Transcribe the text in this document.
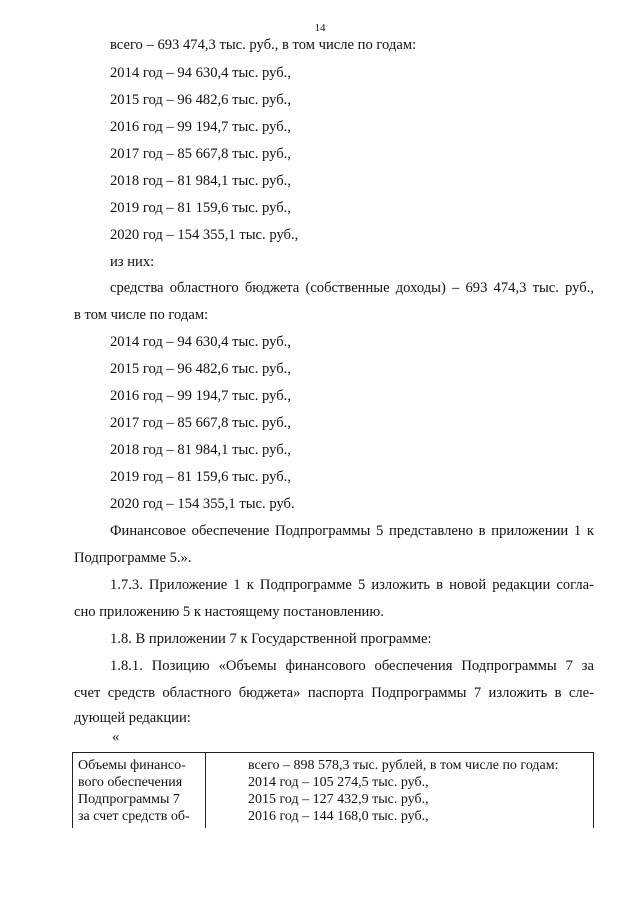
14
всего – 693 474,3 тыс. руб., в том числе по годам:
2014 год – 94 630,4 тыс. руб.,
2015 год – 96 482,6 тыс. руб.,
2016 год – 99 194,7 тыс. руб.,
2017 год – 85 667,8 тыс. руб.,
2018 год – 81 984,1 тыс. руб.,
2019 год – 81 159,6 тыс. руб.,
2020 год – 154 355,1 тыс. руб.,
из них:
средства областного бюджета (собственные доходы) – 693 474,3 тыс. руб.,
в том числе по годам:
2014 год – 94 630,4 тыс. руб.,
2015 год – 96 482,6 тыс. руб.,
2016 год – 99 194,7 тыс. руб.,
2017 год – 85 667,8 тыс. руб.,
2018 год – 81 984,1 тыс. руб.,
2019 год – 81 159,6 тыс. руб.,
2020 год – 154 355,1 тыс. руб.
Финансовое обеспечение Подпрограммы 5 представлено в приложении 1 к
Подпрограмме 5.».
1.7.3. Приложение 1 к Подпрограмме 5 изложить в новой редакции согла-
сно приложению 5 к настоящему постановлению.
1.8. В приложении 7 к Государственной программе:
1.8.1. Позицию «Объемы финансового обеспечения Подпрограммы 7 за
счет средств областного бюджета» паспорта Подпрограммы 7 изложить в сле-
дующей редакции:
«
Объемы финансо-
вого обеспечения
Подпрограммы 7
за счет средств об-
всего – 898 578,3 тыс. рублей, в том числе по годам:
2014 год – 105 274,5 тыс. руб.,
2015 год – 127 432,9 тыс. руб.,
2016 год – 144 168,0 тыс. руб.,
